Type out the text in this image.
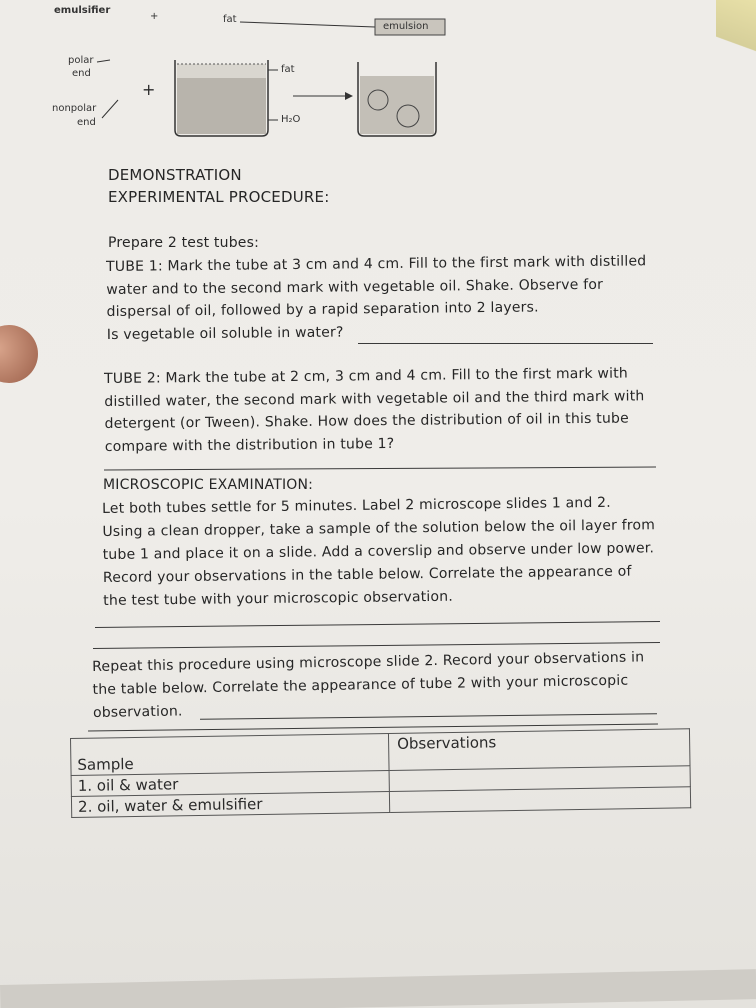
emulsifier
+	fat
emulsion
polar
end
nonpolar
end
+
fat
H₂O
DEMONSTRATION
EXPERIMENTAL PROCEDURE:
Prepare 2 test tubes:
TUBE 1: Mark the tube at 3 cm and 4 cm. Fill to the first mark with distilled
water and to the second mark with vegetable oil. Shake. Observe for
dispersal of oil, followed by a rapid separation into 2 layers.
Is vegetable oil soluble in water?
TUBE 2: Mark the tube at 2 cm, 3 cm and 4 cm. Fill to the first mark with
distilled water, the second mark with vegetable oil and the third mark with
detergent (or Tween). Shake. How does the distribution of oil in this tube
compare with the distribution in tube 1?
MICROSCOPIC EXAMINATION:
Let both tubes settle for 5 minutes. Label 2 microscope slides 1 and 2.
Using a clean dropper, take a sample of the solution below the oil layer from
tube 1 and place it on a slide. Add a coverslip and observe under low power.
Record your observations in the table below. Correlate the appearance of
the test tube with your microscopic observation.
Repeat this procedure using microscope slide 2. Record your observations in
the table below. Correlate the appearance of tube 2 with your microscopic
observation.
Sample	Observations
1. oil & water	
2. oil, water & emulsifier	
